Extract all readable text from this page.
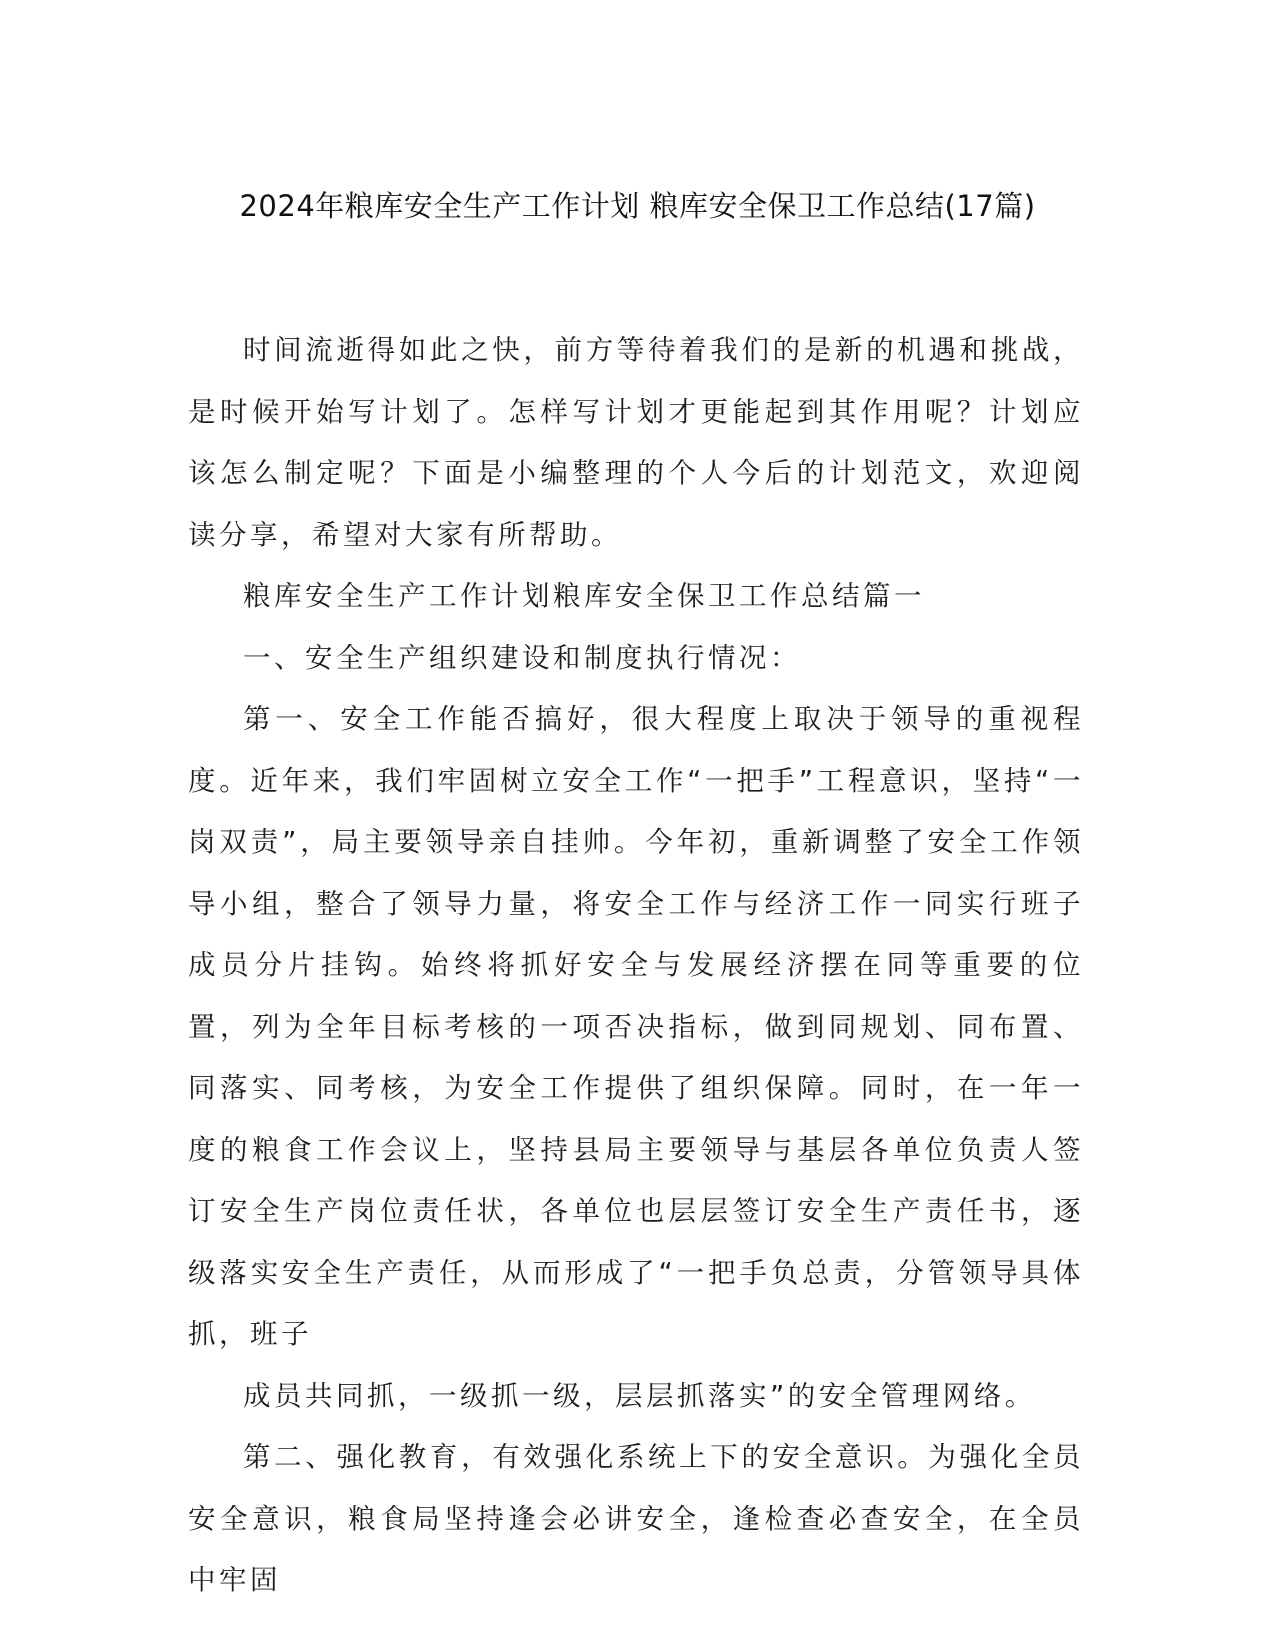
2024年粮库安全生产工作计划 粮库安全保卫工作总结(17篇)

时间流逝得如此之快，前方等待着我们的是新的机遇和挑战，是时候开始写计划了。怎样写计划才更能起到其作用呢？计划应该怎么制定呢？下面是小编整理的个人今后的计划范文，欢迎阅读分享，希望对大家有所帮助。

粮库安全生产工作计划粮库安全保卫工作总结篇一

一、安全生产组织建设和制度执行情况：

第一、安全工作能否搞好，很大程度上取决于领导的重视程度。近年来，我们牢固树立安全工作“一把手”工程意识，坚持“一岗双责”，局主要领导亲自挂帅。今年初，重新调整了安全工作领导小组，整合了领导力量，将安全工作与经济工作一同实行班子成员分片挂钩。始终将抓好安全与发展经济摆在同等重要的位置，列为全年目标考核的一项否决指标，做到同规划、同布置、同落实、同考核，为安全工作提供了组织保障。同时，在一年一度的粮食工作会议上，坚持县局主要领导与基层各单位负责人签订安全生产岗位责任状，各单位也层层签订安全生产责任书，逐级落实安全生产责任，从而形成了“一把手负总责，分管领导具体抓，班子

成员共同抓，一级抓一级，层层抓落实”的安全管理网络。

第二、强化教育，有效强化系统上下的安全意识。为强化全员安全意识，粮食局坚持逢会必讲安全，逢检查必查安全，在全员中牢固
